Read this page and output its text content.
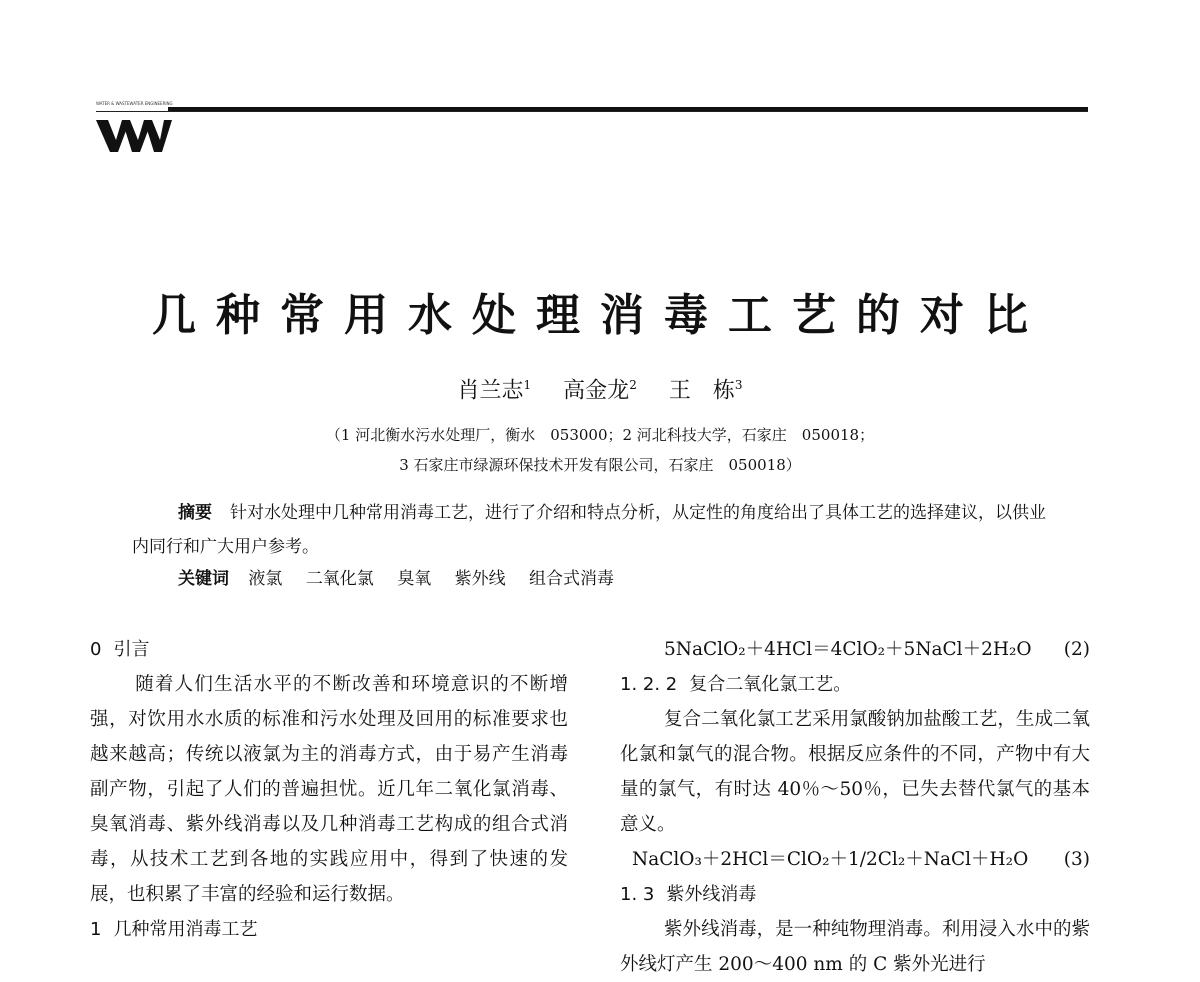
WATER & WASTEWATER ENGINEERING
几种常用水处理消毒工艺的对比
肖兰志$^1$ 高金龙$^2$ 王　栋$^3$
（1 河北衡水污水处理厂，衡水　053000；2 河北科技大学，石家庄　050018；
3 石家庄市绿源环保技术开发有限公司，石家庄　050018）
摘要 针对水处理中几种常用消毒工艺，进行了介绍和特点分析，从定性的角度给出了具体工艺的选择建议，以供业内同行和广大用户参考。
关键词 液氯 二氧化氯 臭氧 紫外线 组合式消毒
0 引言
随着人们生活水平的不断改善和环境意识的不断增强，对饮用水水质的标准和污水处理及回用的标准要求也越来越高；传统以液氯为主的消毒方式，由于易产生消毒副产物，引起了人们的普遍担忧。近几年二氧化氯消毒、臭氧消毒、紫外线消毒以及几种消毒工艺构成的组合式消毒，从技术工艺到各地的实践应用中，得到了快速的发展，也积累了丰富的经验和运行数据。
1 几种常用消毒工艺
5NaClO₂＋4HCl＝4ClO₂＋5NaCl＋2H₂O (2)
1. 2. 2 复合二氧化氯工艺。
复合二氧化氯工艺采用氯酸钠加盐酸工艺，生成二氧化氯和氯气的混合物。根据反应条件的不同，产物中有大量的氯气，有时达 40％～50％，已失去替代氯气的基本意义。
NaClO₃＋2HCl＝ClO₂＋1/2Cl₂＋NaCl＋H₂O (3)
1. 3 紫外线消毒
紫外线消毒，是一种纯物理消毒。利用浸入水中的紫外线灯产生 200～400 nm 的 C 紫外光进行
